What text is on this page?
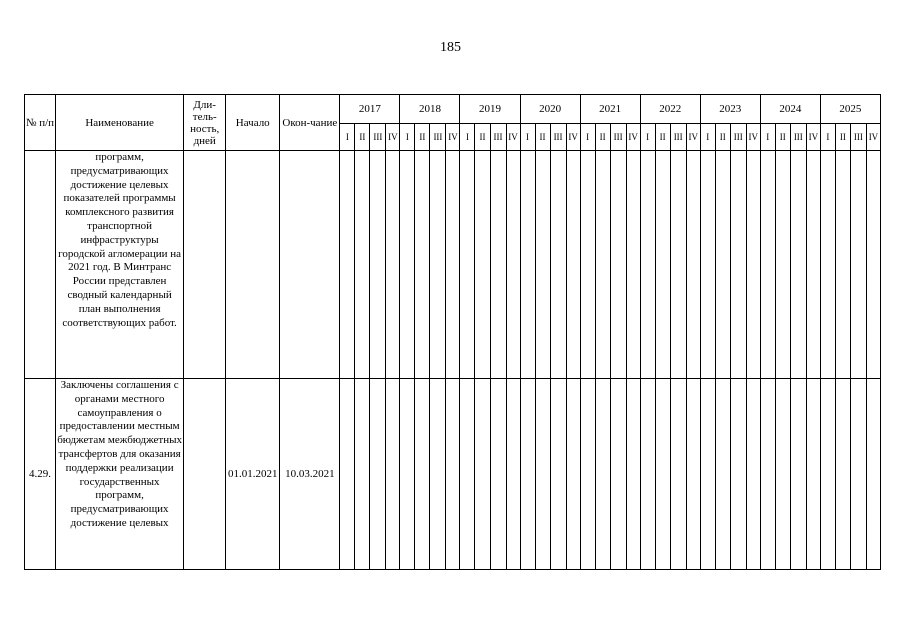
185
№ п/п	Наименование	Дли-тель-ность, дней	Начало	Окон-чание	2017				2018				2019				2020				2021				2022				2023				2024				2025			
					I	II	III	IV	I	II	III	IV	I	II	III	IV	I	II	III	IV	I	II	III	IV	I	II	III	IV	I	II	III	IV	I	II	III	IV	I	II	III	IV
	программ, предусматривающих достижение целевых показателей программы комплексного развития транспортной инфраструктуры городской агломерации на 2021 год. В Минтранс России представлен сводный календарный план выполнения соответствующих работ.																																							
4.29.	Заключены соглашения с органами местного самоуправления о предоставлении местным бюджетам межбюджетных трансфертов для оказания поддержки реализации государственных программ, предусматривающих достижение целевых		01.01.2021	10.03.2021																																				
